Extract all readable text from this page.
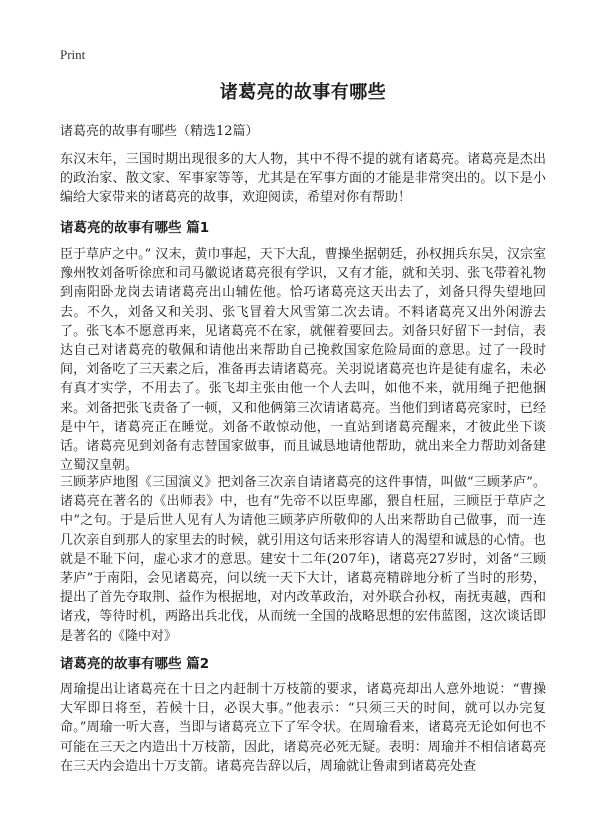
Print
诸葛亮的故事有哪些
诸葛亮的故事有哪些（精选12篇）
东汉末年，三国时期出现很多的大人物，其中不得不提的就有诸葛亮。诸葛亮是杰出的政治家、散文家、军事家等等，尤其是在军事方面的才能是非常突出的。以下是小编给大家带来的诸葛亮的故事，欢迎阅读，希望对你有帮助！
诸葛亮的故事有哪些 篇1
臣于草庐之中。” 汉末，黄巾事起，天下大乱，曹操坐据朝廷，孙权拥兵东吴，汉宗室豫州牧刘备听徐庶和司马徽说诸葛亮很有学识，又有才能，就和关羽、张飞带着礼物到南阳卧龙岗去请诸葛亮出山辅佐他。恰巧诸葛亮这天出去了，刘备只得失望地回去。不久，刘备又和关羽、张飞冒着大风雪第二次去请。不料诸葛亮又出外闲游去了。张飞本不愿意再来，见诸葛亮不在家，就催着要回去。刘备只好留下一封信，表达自己对诸葛亮的敬佩和请他出来帮助自己挽救国家危险局面的意思。过了一段时间，刘备吃了三天素之后，准备再去请诸葛亮。关羽说诸葛亮也许是徒有虚名，未必有真才实学，不用去了。张飞却主张由他一个人去叫，如他不来，就用绳子把他捆来。刘备把张飞责备了一顿，又和他俩第三次请诸葛亮。当他们到诸葛亮家时，已经是中午，诸葛亮正在睡觉。刘备不敢惊动他，一直站到诸葛亮醒来，才彼此坐下谈话。诸葛亮见到刘备有志替国家做事，而且诚恳地请他帮助，就出来全力帮助刘备建立蜀汉皇朝。
三顾茅庐地图《三国演义》把刘备三次亲自请诸葛亮的这件事情，叫做“三顾茅庐”。诸葛亮在著名的《出师表》中，也有“先帝不以臣卑鄙，猥自枉屈，三顾臣于草庐之中”之句。于是后世人见有人为请他三顾茅庐所敬仰的人出来帮助自己做事，而一连几次亲自到那人的家里去的时候，就引用这句话来形容请人的渴望和诚恳的心情。也就是不耻下问，虚心求才的意思。建安十二年(207年)，诸葛亮27岁时，刘备“三顾茅庐”于南阳，会见诸葛亮，问以统一天下大计，诸葛亮精辟地分析了当时的形势，提出了首先夺取荆、益作为根据地，对内改革政治，对外联合孙权，南抚夷越，西和诸戎，等待时机，两路出兵北伐，从而统一全国的战略思想的宏伟蓝图，这次谈话即是著名的《隆中对》
诸葛亮的故事有哪些 篇2
周瑜提出让诸葛亮在十日之内赶制十万枝箭的要求，诸葛亮却出人意外地说：“曹操大军即日将至，若候十日，必误大事。”他表示：“只须三天的时间，就可以办完复命。”周瑜一听大喜，当即与诸葛亮立下了军令状。在周瑜看来，诸葛亮无论如何也不可能在三天之内造出十万枝箭，因此，诸葛亮必死无疑。表明：周瑜并不相信诸葛亮在三天内会造出十万支箭。诸葛亮告辞以后，周瑜就让鲁肃到诸葛亮处查
